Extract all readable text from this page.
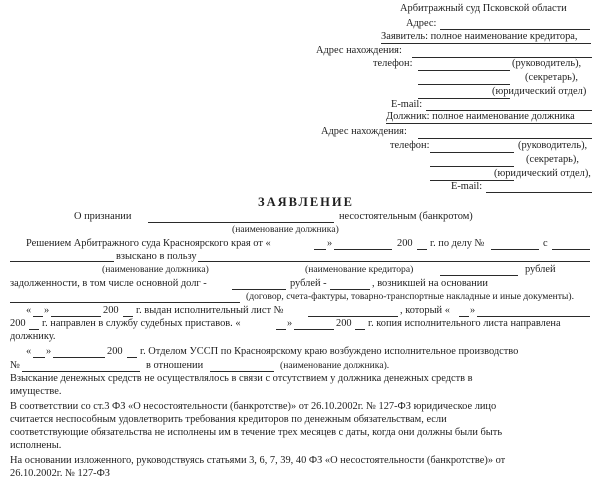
Арбитражный суд Псковской области
Адрес:
Заявитель: полное наименование кредитора,
Адрес нахождения:
телефон:	(руководитель),
(секретарь),
(юридический отдел)
E-mail:
Должник: полное наименование должника
Адрес нахождения:
телефон:	(руководитель),
(секретарь),
(юридический отдел),
E-mail:
ЗАЯВЛЕНИЕ
О признании	несостоятельным (банкротом)
(наименование должника)
Решением Арбитражного суда Красноярского края от «	»	200 г. по делу №	с
взыскано в пользу
(наименование должника)	(наименование кредитора)	рублей
задолженности, в том числе основной долг -	рублей -	, возникшей на основании
(договор, счета-фактуры, товарно-транспортные накладные и иные документы).
« »	200 г. выдан исполнительный лист №	, который « »
200 г. направлен в службу судебных приставов. «	»	200 г. копия исполнительного листа направлена
должнику.
« »	200 г. Отделом УССП по Красноярскому краю возбуждено исполнительное производство
№	в отношении	(наименование должника).
Взыскание денежных средств не осуществлялось в связи с отсутствием у должника денежных средств в
имуществе.
В соответствии со ст.3 ФЗ «О несостоятельности (банкротстве)» от 26.10.2002г. № 127-ФЗ юридическое лицо
считается неспособным удовлетворить требования кредиторов по денежным обязательствам, если
соответствующие обязательства не исполнены им в течение трех месяцев с даты, когда они должны были быть
исполнены.
На основании изложенного, руководствуясь статьями 3, 6, 7, 39, 40 ФЗ «О несостоятельности (банкротстве)» от
26.10.2002г. № 127-ФЗ
